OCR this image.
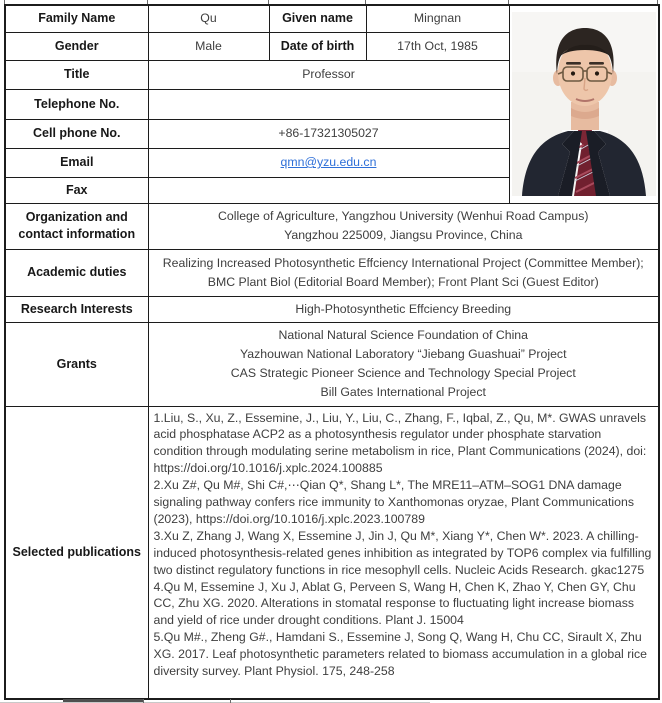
Family Name	Qu	Given name	Mingnan	

Gender	Male	Date of birth	17th Oct, 1985	
Title	Professor			
Telephone No.				
Cell phone No.	+86-17321305027			
Email	qmn@yzu.edu.cn			
Fax				
Organization and contact information	College of Agriculture, Yangzhou University (Wenhui Road Campus)
Yangzhou 225009, Jiangsu Province, China			

Academic duties	Realizing Increased Photosynthetic Effciency International Project (Committee Member);
BMC Plant Biol (Editorial Board Member); Front Plant Sci (Guest Editor)			

Research Interests	High-Photosynthetic Effciency Breeding			
Grants	National Natural Science Foundation of China
Yazhouwan National Laboratory “Jiebang Guashuai” Project
CAS Strategic Pioneer Science and Technology Special Project
Bill Gates International Project			

Selected publications	1.Liu, S., Xu, Z., Essemine, J., Liu, Y., Liu, C., Zhang, F., Iqbal, Z., Qu, M*. GWAS unravels acid phosphatase ACP2 as a photosynthesis regulator under phosphate starvation condition through modulating serine metabolism in rice, Plant Communications (2024), doi: https://doi.org/10.1016/j.xplc.2024.100885
2.Xu Z#, Qu M#, Shi C#,⋯Qian Q*, Shang L*, The MRE11–ATM–SOG1 DNA damage signaling pathway confers rice immunity to Xanthomonas oryzae, Plant Communications (2023), https://doi.org/10.1016/j.xplc.2023.100789
3.Xu Z, Zhang J, Wang X, Essemine J, Jin J, Qu M*, Xiang Y*, Chen W*. 2023. A chilling-induced photosynthesis-related genes inhibition as integrated by TOP6 complex via fulfilling two distinct regulatory functions in rice mesophyll cells. Nucleic Acids Research. gkac1275
4.Qu M, Essemine J, Xu J, Ablat G, Perveen S, Wang H, Chen K, Zhao Y, Chen GY, Chu CC, Zhu XG. 2020. Alterations in stomatal response to fluctuating light increase biomass and yield of rice under drought conditions. Plant J. 15004
5.Qu M#., Zheng G#., Hamdani S., Essemine J, Song Q, Wang H, Chu CC, Sirault X, Zhu XG. 2017. Leaf photosynthetic parameters related to biomass accumulation in a global rice diversity survey. Plant Physiol. 175, 248-258			
